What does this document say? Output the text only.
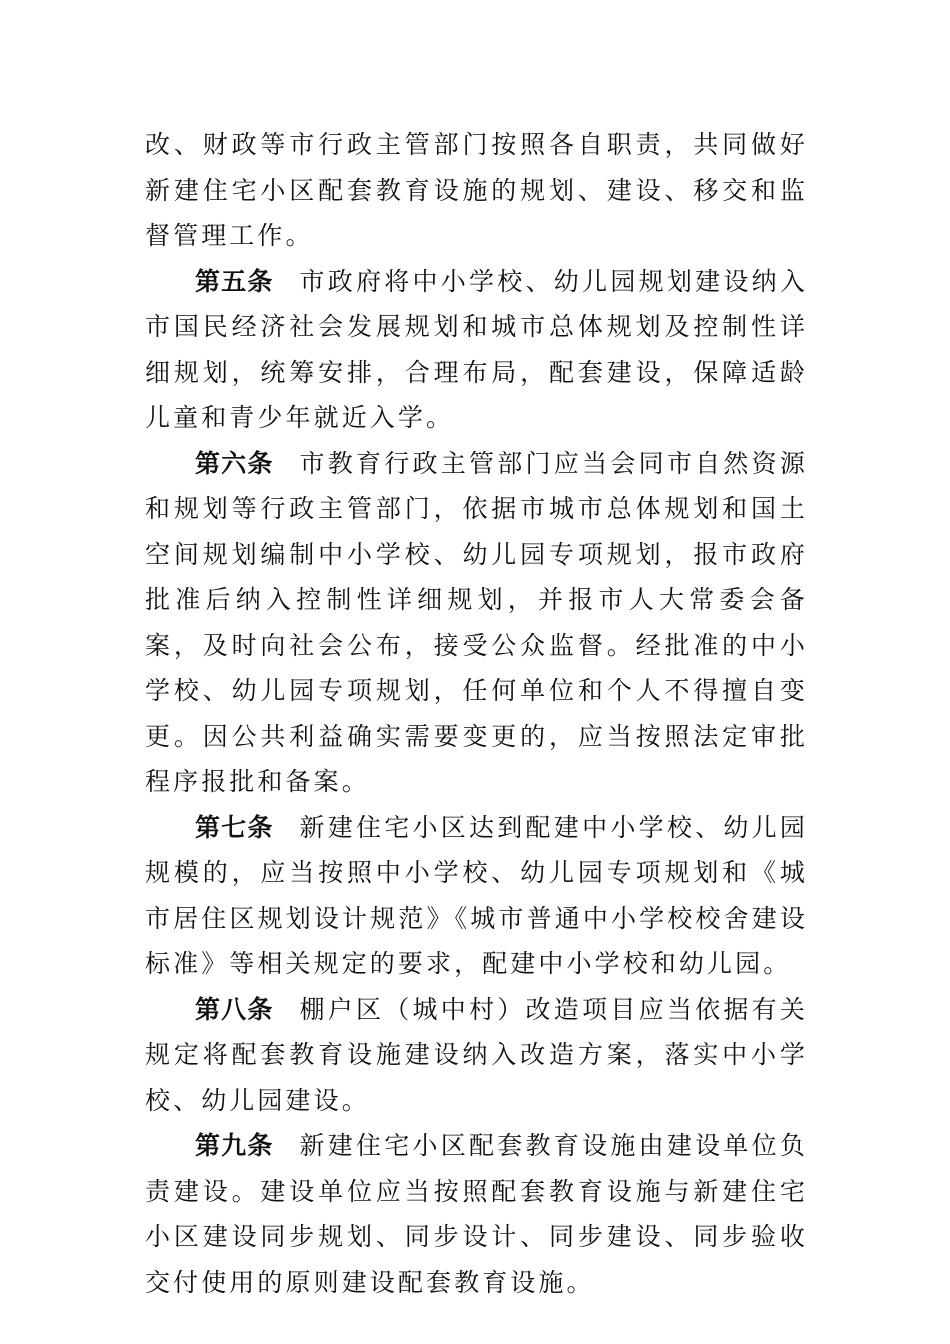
改、财政等市行政主管部门按照各自职责，共同做好新建住宅小区配套教育设施的规划、建设、移交和监督管理工作。

第五条 市政府将中小学校、幼儿园规划建设纳入市国民经济社会发展规划和城市总体规划及控制性详细规划，统筹安排，合理布局，配套建设，保障适龄儿童和青少年就近入学。

第六条 市教育行政主管部门应当会同市自然资源和规划等行政主管部门，依据市城市总体规划和国土空间规划编制中小学校、幼儿园专项规划，报市政府批准后纳入控制性详细规划，并报市人大常委会备案，及时向社会公布，接受公众监督。经批准的中小学校、幼儿园专项规划，任何单位和个人不得擅自变更。因公共利益确实需要变更的，应当按照法定审批程序报批和备案。

第七条 新建住宅小区达到配建中小学校、幼儿园规模的，应当按照中小学校、幼儿园专项规划和《城市居住区规划设计规范》《城市普通中小学校校舍建设标准》等相关规定的要求，配建中小学校和幼儿园。

第八条 棚户区（城中村）改造项目应当依据有关规定将配套教育设施建设纳入改造方案，落实中小学校、幼儿园建设。

第九条 新建住宅小区配套教育设施由建设单位负责建设。建设单位应当按照配套教育设施与新建住宅小区建设同步规划、同步设计、同步建设、同步验收交付使用的原则建设配套教育设施。
